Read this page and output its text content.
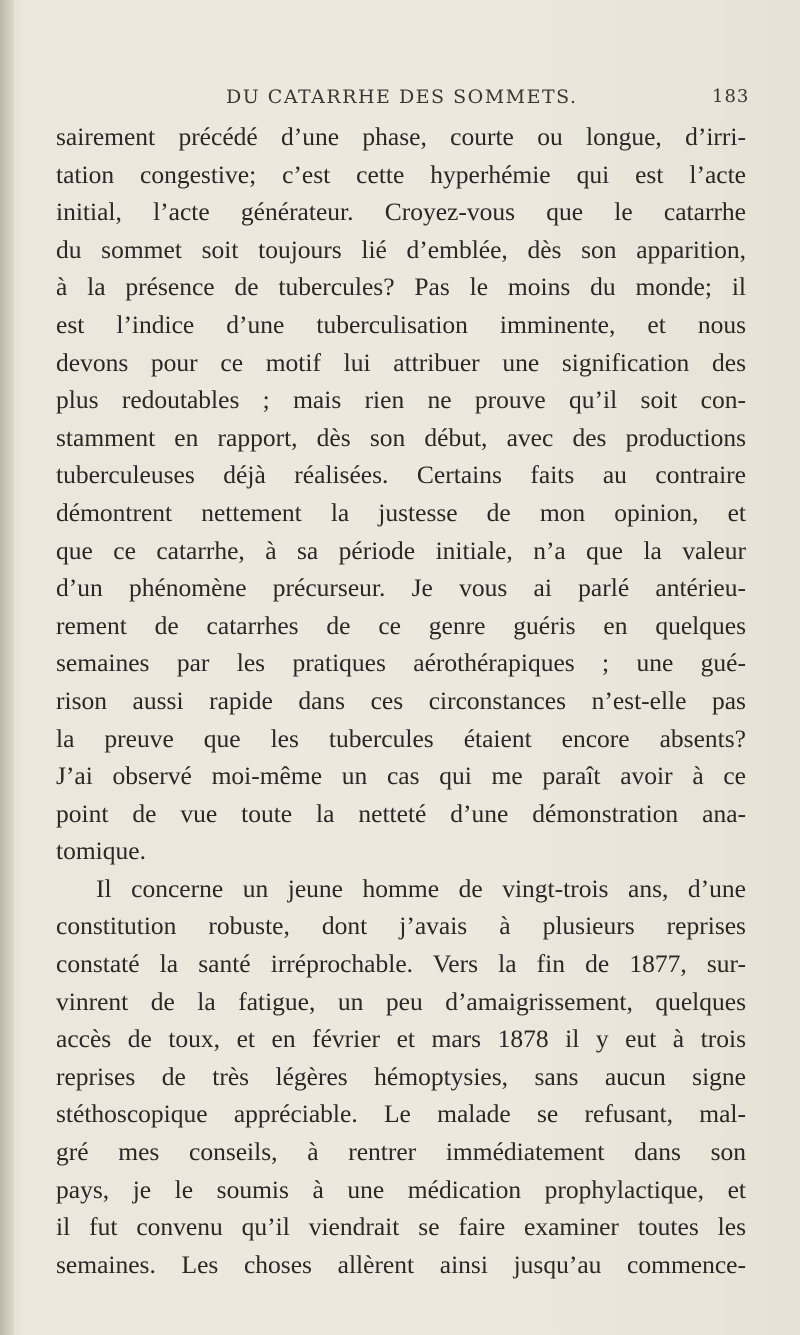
DU CATARRHE DES SOMMETS.	183
sairement précédé d’une phase, courte ou longue, d’irri-
tation congestive; c’est cette hyperhémie qui est l’acte
initial, l’acte générateur. Croyez-vous que le catarrhe
du sommet soit toujours lié d’emblée, dès son apparition,
à la présence de tubercules? Pas le moins du monde; il
est l’indice d’une tuberculisation imminente, et nous
devons pour ce motif lui attribuer une signification des
plus redoutables ; mais rien ne prouve qu’il soit con-
stamment en rapport, dès son début, avec des productions
tuberculeuses déjà réalisées. Certains faits au contraire
démontrent nettement la justesse de mon opinion, et
que ce catarrhe, à sa période initiale, n’a que la valeur
d’un phénomène précurseur. Je vous ai parlé antérieu-
rement de catarrhes de ce genre guéris en quelques
semaines par les pratiques aérothérapiques ; une gué-
rison aussi rapide dans ces circonstances n’est-elle pas
la preuve que les tubercules étaient encore absents?
J’ai observé moi-même un cas qui me paraît avoir à ce
point de vue toute la netteté d’une démonstration ana-
tomique.
Il concerne un jeune homme de vingt-trois ans, d’une
constitution robuste, dont j’avais à plusieurs reprises
constaté la santé irréprochable. Vers la fin de 1877, sur-
vinrent de la fatigue, un peu d’amaigrissement, quelques
accès de toux, et en février et mars 1878 il y eut à trois
reprises de très légères hémoptysies, sans aucun signe
stéthoscopique appréciable. Le malade se refusant, mal-
gré mes conseils, à rentrer immédiatement dans son
pays, je le soumis à une médication prophylactique, et
il fut convenu qu’il viendrait se faire examiner toutes les
semaines. Les choses allèrent ainsi jusqu’au commence-
